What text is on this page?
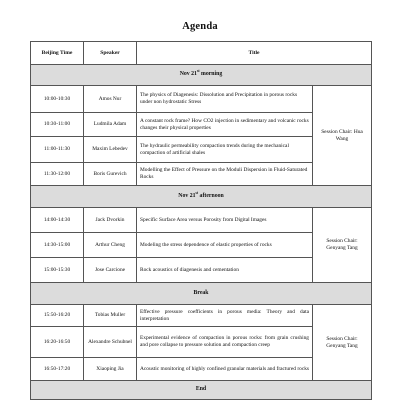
Agenda
Beijing Time	Speaker	Title	
Nov 21st morning			
10:00-10:30	Amos Nur	The physics of Diagenesis: Dissolution and Precipitation in porous rocks under non hydrostatic Stress	Session Chair: Hua Wang
10:30-11:00	Ludmila Adam	A constant rock frame? How CO2 injection in sedimentary and volcanic rocks changes their physical properties	
11:00-11:30	Maxim Lebedev	The hydraulic permeability compaction trends during the mechanical compaction of artificial shales	
11:30-12:00	Boris Gurevich	Modelling the Effect of Pressure on the Moduli Dispersion in Fluid-Saturated Rocks	
Nov 21st afternoon			
14:00-14:30	Jack Dvorkin	Specific Surface Area versus Porosity from Digital Images	Session Chair: Genyang Tang
14:30-15:00	Arthur Cheng	Modeling the stress dependence of elastic properties of rocks	
15:00-15:30	Jose Carcione	Rock acoustics of diagenesis and cementation	
Break			
15:50-16:20	Tobias Muller	Effective pressure coefficients in porous media: Theory and data interpretation	Session Chair: Genyang Tang
16:20-16:50	Alexandre Schubnel	Experimental evidence of compaction in porous rocks: from grain crushing and pore collapse to pressure solution and compaction creep	
16:50-17:20	Xiaoping Jia	Acoustic monitoring of highly confined granular materials and fractured rocks	
End			
